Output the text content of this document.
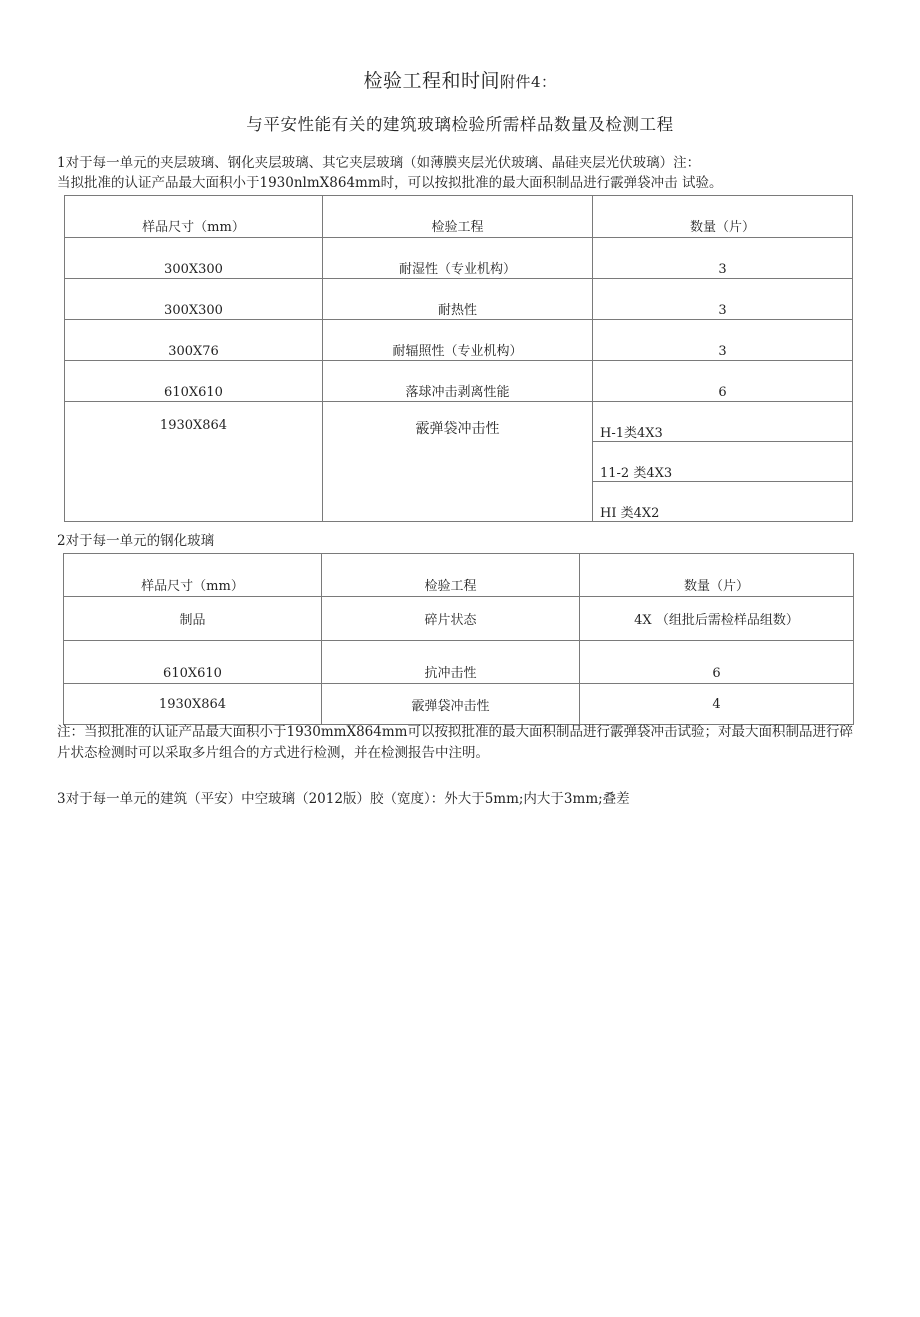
检验工程和时间附件4：
与平安性能有关的建筑玻璃检验所需样品数量及检测工程
1对于每一单元的夹层玻璃、钢化夹层玻璃、其它夹层玻璃（如薄膜夹层光伏玻璃、晶硅夹层光伏玻璃）注：
当拟批准的认证产品最大面积小于1930nlmX864mm时，可以按拟批准的最大面积制品进行霰弹袋冲击 试验。
样品尺寸（mm）	检验工程	数量（片）
300X300	耐湿性（专业机构）	3
300X300	耐热性	3
300X76	耐辐照性（专业机构）	3
610X610	落球冲击剥离性能	6
1930X864	霰弹袋冲击性	H-1类4X3
		11-2 类4X3
		HI 类4X2
2对于每一单元的钢化玻璃
样品尺寸（mm）	检验工程	数量（片）
制品	碎片状态	4X （组批后需检样品组数）
610X610	抗冲击性	6
1930X864	霰弹袋冲击性	4
注：当拟批准的认证产品最大面积小于1930mmX864mm可以按拟批准的最大面积制品进行霰弹袋冲击试验；对最大面积制品进行碎片状态检测时可以采取多片组合的方式进行检测，并在检测报告中注明。
3对于每一单元的建筑（平安）中空玻璃（2012版）胶（宽度）：外大于5mm;内大于3mm;叠差
